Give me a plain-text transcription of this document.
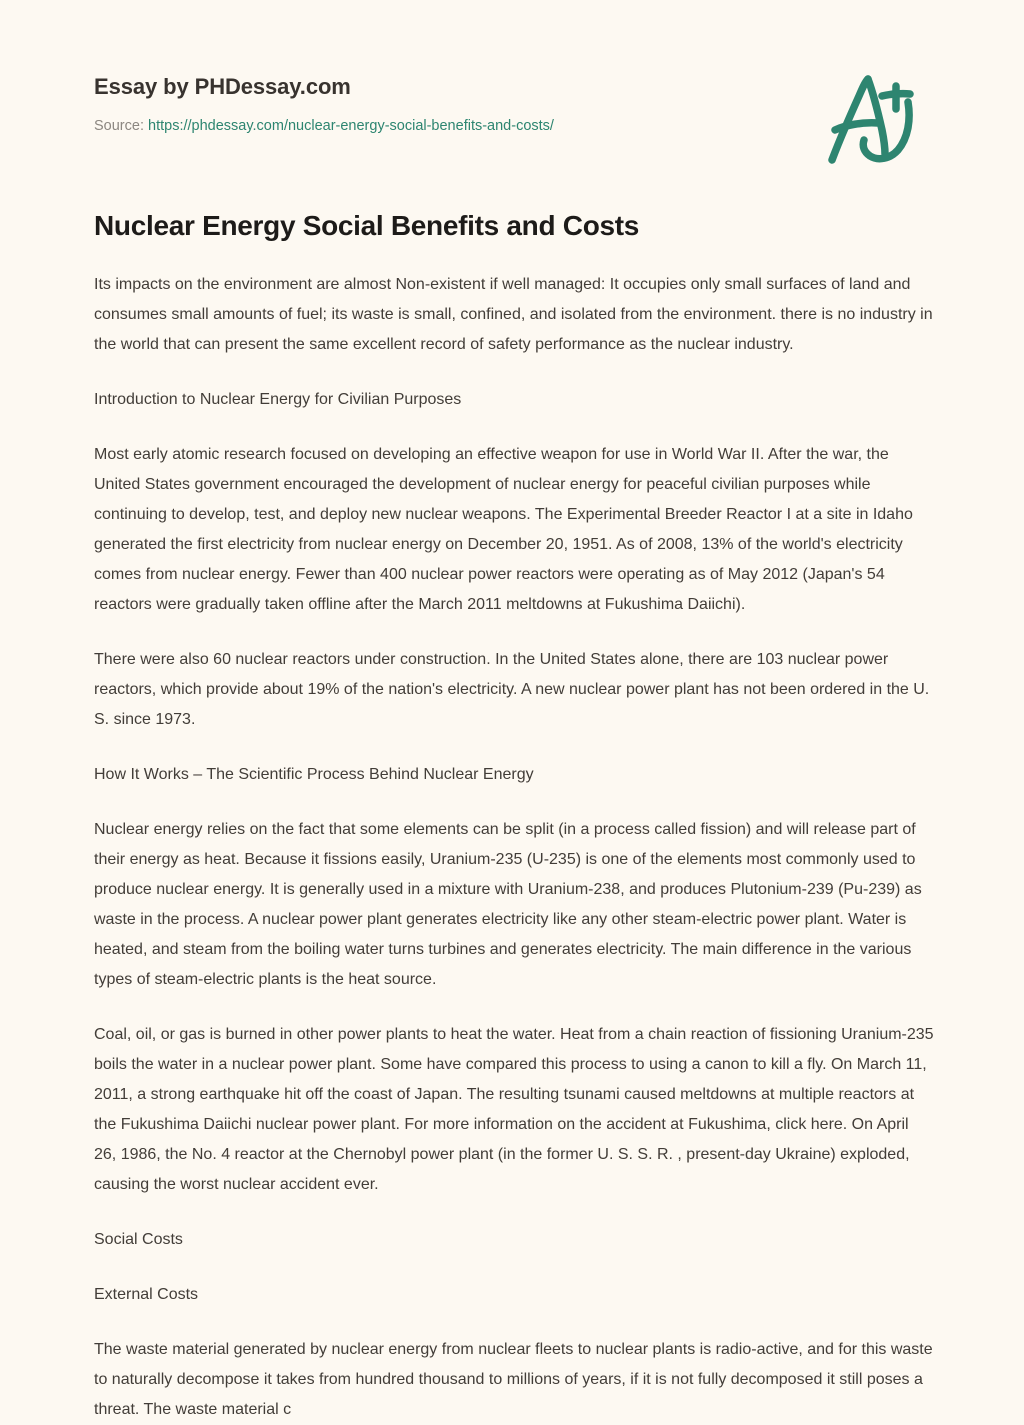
Essay by PHDessay.com
Source: https://phdessay.com/nuclear-energy-social-benefits-and-costs/
Nuclear Energy Social Benefits and Costs

Its impacts on the environment are almost Non-existent if well managed: It occupies only small surfaces of land and consumes small amounts of fuel; its waste is small, confined, and isolated from the environment. there is no industry in the world that can present the same excellent record of safety performance as the nuclear industry.

Introduction to Nuclear Energy for Civilian Purposes

Most early atomic research focused on developing an effective weapon for use in World War II. After the war, the United States government encouraged the development of nuclear energy for peaceful civilian purposes while continuing to develop, test, and deploy new nuclear weapons. The Experimental Breeder Reactor I at a site in Idaho generated the first electricity from nuclear energy on December 20, 1951. As of 2008, 13% of the world's electricity comes from nuclear energy. Fewer than 400 nuclear power reactors were operating as of May 2012 (Japan's 54 reactors were gradually taken offline after the March 2011 meltdowns at Fukushima Daiichi).

There were also 60 nuclear reactors under construction. In the United States alone, there are 103 nuclear power reactors, which provide about 19% of the nation's electricity. A new nuclear power plant has not been ordered in the U. S. since 1973.

How It Works – The Scientific Process Behind Nuclear Energy

Nuclear energy relies on the fact that some elements can be split (in a process called fission) and will release part of their energy as heat. Because it fissions easily, Uranium-235 (U-235) is one of the elements most commonly used to produce nuclear energy. It is generally used in a mixture with Uranium-238, and produces Plutonium-239 (Pu-239) as waste in the process. A nuclear power plant generates electricity like any other steam-electric power plant. Water is heated, and steam from the boiling water turns turbines and generates electricity. The main difference in the various types of steam-electric plants is the heat source.

Coal, oil, or gas is burned in other power plants to heat the water. Heat from a chain reaction of fissioning Uranium-235 boils the water in a nuclear power plant. Some have compared this process to using a canon to kill a fly. On March 11, 2011, a strong earthquake hit off the coast of Japan. The resulting tsunami caused meltdowns at multiple reactors at the Fukushima Daiichi nuclear power plant. For more information on the accident at Fukushima, click here. On April 26, 1986, the No. 4 reactor at the Chernobyl power plant (in the former U. S. S. R. , present-day Ukraine) exploded, causing the worst nuclear accident ever.

Social Costs

External Costs

The waste material generated by nuclear energy from nuclear fleets to nuclear plants is radio-active, and for this waste to naturally decompose it takes from hundred thousand to millions of years, if it is not fully decomposed it still poses a threat. The waste material c
